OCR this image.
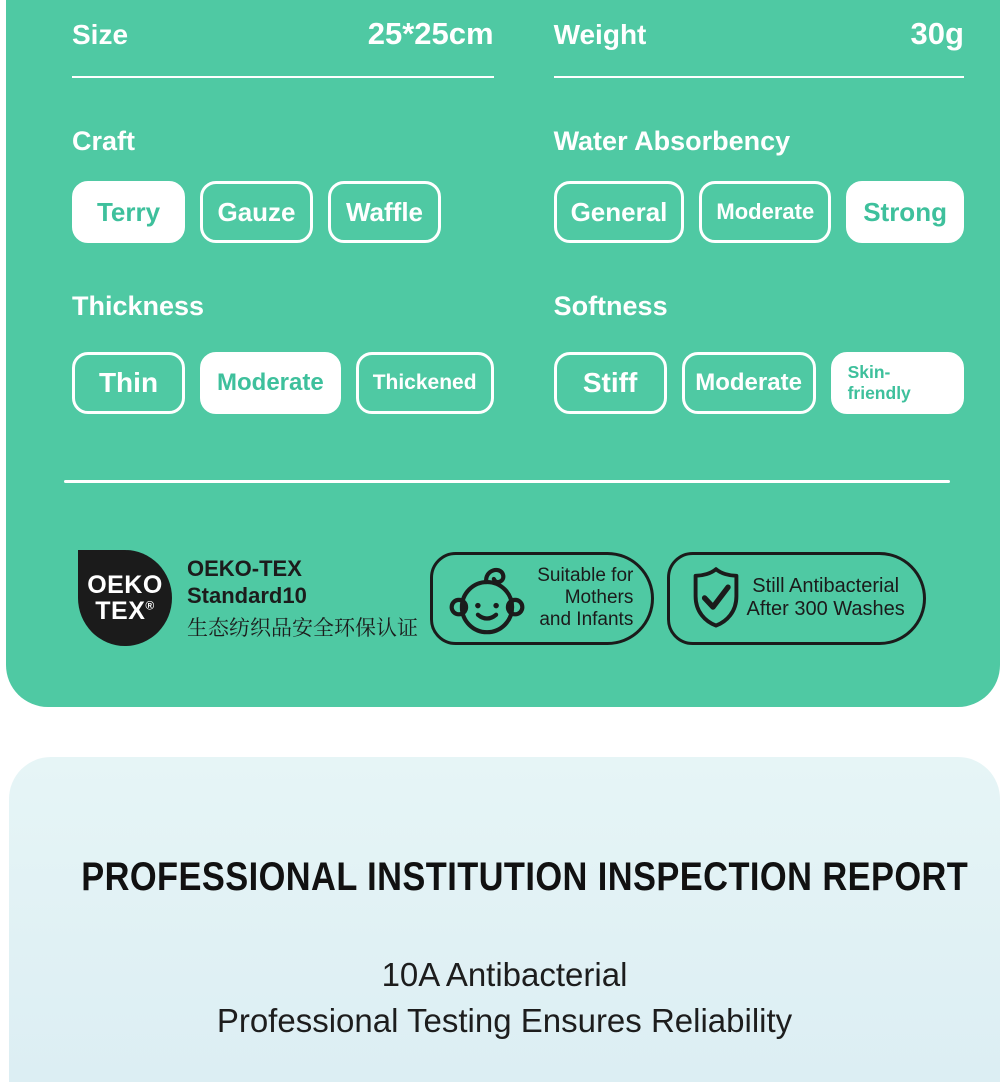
Size	25*25cm
Craft
Terry	Gauze	Waffle
Thickness
Thin	Moderate	Thickened
Weight	30g
Water Absorbency
General	Moderate	Strong
Softness
Stiff	Moderate	Skin-friendly
OEKO
TEX®
OEKO-TEX Standard10
生态纺织品安全环保认证
Suitable for
Mothers
and Infants
Still Antibacterial
After 300 Washes
PROFESSIONAL INSTITUTION INSPECTION REPORT
10A Antibacterial
Professional Testing Ensures Reliability
